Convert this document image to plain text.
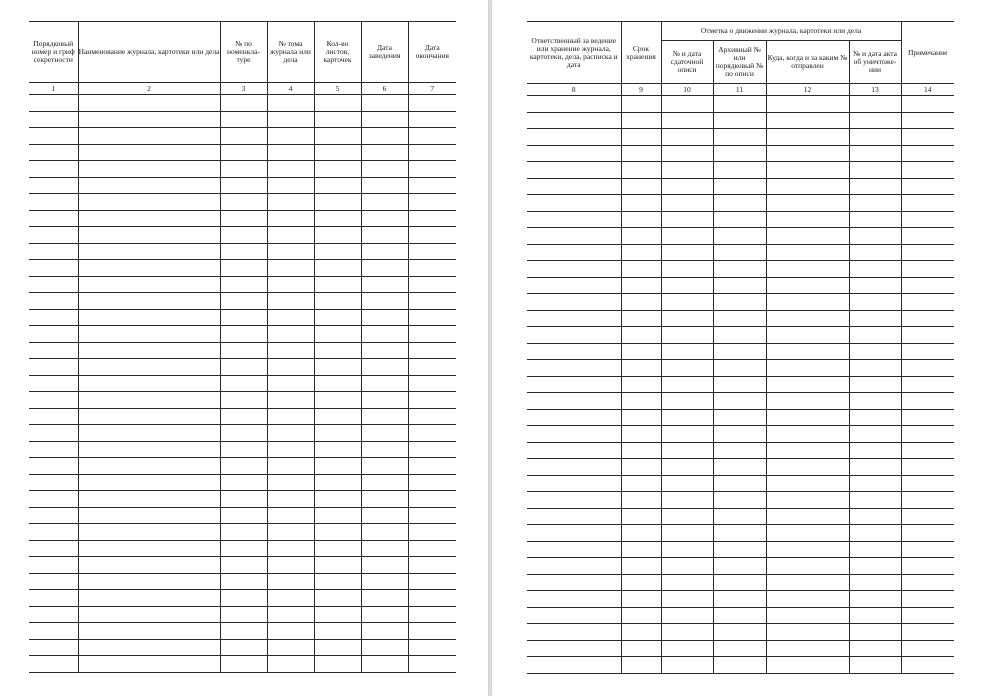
Порядковый номер и гриф секретности	Наименование журнала, картотеки или дела	№ по номенкла-туре	№ тома журнала или дела	Кол-во листов, карточек	Дата заведения	Дата окончания
1	2	3	4	5	6	7

Ответственный за ведение или хранение журнала, картотеки, дела, расписка и дата	Срок хранения	Отметка о движении журнала, картотеки или дела				Примечание
		№ и дата сдаточной описи	Архивный № или порядковый № по описи	Куда, когда и за каким № отправлен	№ и дата акта об уничтоже-нии	
8	9	10	11	12	13	14
